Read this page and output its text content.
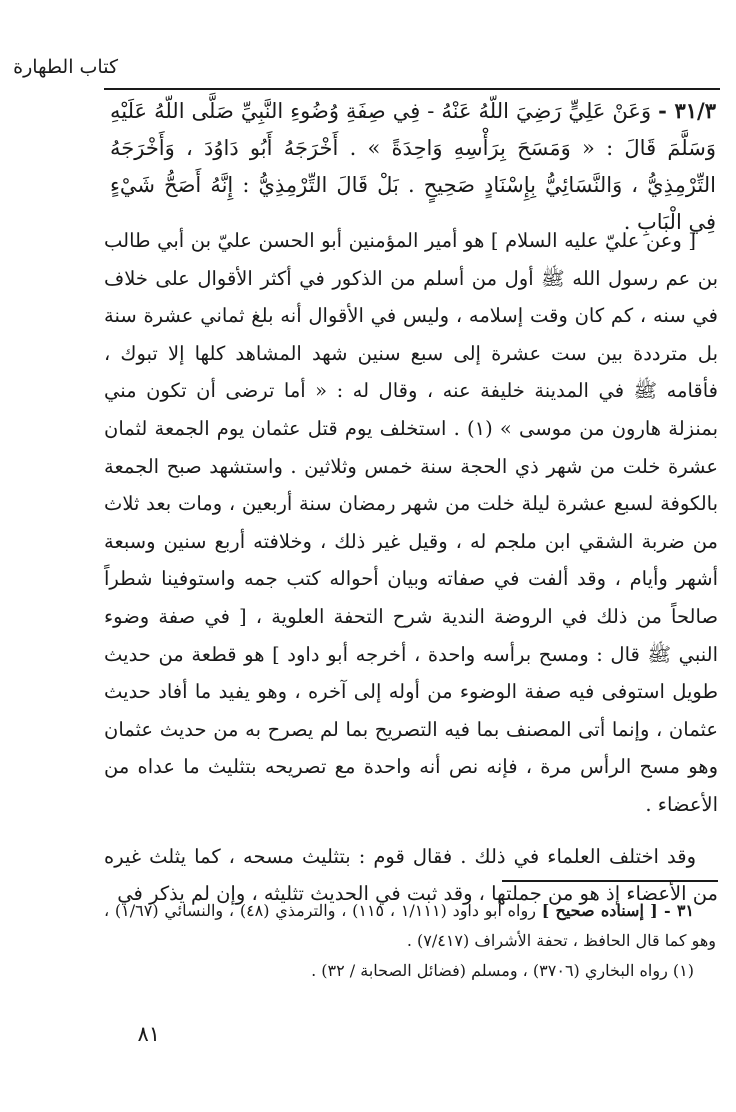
كتاب الطهارة
٣١/٣ - وَعَنْ عَلِيٍّ رَضِيَ اللّهُ عَنْهُ - فِي صِفَةِ وُضُوءِ النَّبِيِّ صَلَّى اللّهُ عَلَيْهِ وَسَلَّمَ قَالَ : « وَمَسَحَ بِرَأْسِهِ وَاحِدَةً » . أَخْرَجَهُ أَبُو دَاوُدَ ، وَأَخْرَجَهُ التِّرْمِذِيُّ ، وَالنَّسَائِيُّ بِإِسْنَادٍ صَحِيحٍ . بَلْ قَالَ التِّرْمِذِيُّ : إِنَّهُ أَصَحُّ شَيْءٍ فِي الْبَابِ .

[ وعن عليّ عليه السلام ] هو أمير المؤمنين أبو الحسن عليّ بن أبي طالب بن عم رسول الله ﷺ أول من أسلم من الذكور في أكثر الأقوال على خلاف في سنه ، كم كان وقت إسلامه ، وليس في الأقوال أنه بلغ ثماني عشرة سنة بل مترددة بين ست عشرة إلى سبع سنين شهد المشاهد كلها إلا تبوك ، فأقامه ﷺ في المدينة خليفة عنه ، وقال له : « أما ترضى أن تكون مني بمنزلة هارون من موسى » (١) . استخلف يوم قتل عثمان يوم الجمعة لثمان عشرة خلت من شهر ذي الحجة سنة خمس وثلاثين . واستشهد صبح الجمعة بالكوفة لسبع عشرة ليلة خلت من شهر رمضان سنة أربعين ، ومات بعد ثلاث من ضربة الشقي ابن ملجم له ، وقيل غير ذلك ، وخلافته أربع سنين وسبعة أشهر وأيام ، وقد ألفت في صفاته وبيان أحواله كتب جمه واستوفينا شطراً صالحاً من ذلك في الروضة الندية شرح التحفة العلوية ، [ في صفة وضوء النبي ﷺ قال : ومسح برأسه واحدة ، أخرجه أبو داود ] هو قطعة من حديث طويل استوفى فيه صفة الوضوء من أوله إلى آخره ، وهو يفيد ما أفاد حديث عثمان ، وإنما أتى المصنف بما فيه التصريح بما لم يصرح به من حديث عثمان وهو مسح الرأس مرة ، فإنه نص أنه واحدة مع تصريحه بتثليث ما عداه من الأعضاء .

وقد اختلف العلماء في ذلك . فقال قوم : بتثليث مسحه ، كما يثلث غيره من الأعضاء إذ هو من جملتها ، وقد ثبت في الحديث تثليثه ، وإن لم يذكر في

٣١ - [ إسناده صحيح ] رواه أبو داود (١/١١١ ، ١١٥) ، والترمذي (٤٨) ، والنسائي (١/٦٧) ، وهو كما قال الحافظ ، تحفة الأشراف (٧/٤١٧) .

(١) رواه البخاري (٣٧٠٦) ، ومسلم (فضائل الصحابة / ٣٢) .

٨١
